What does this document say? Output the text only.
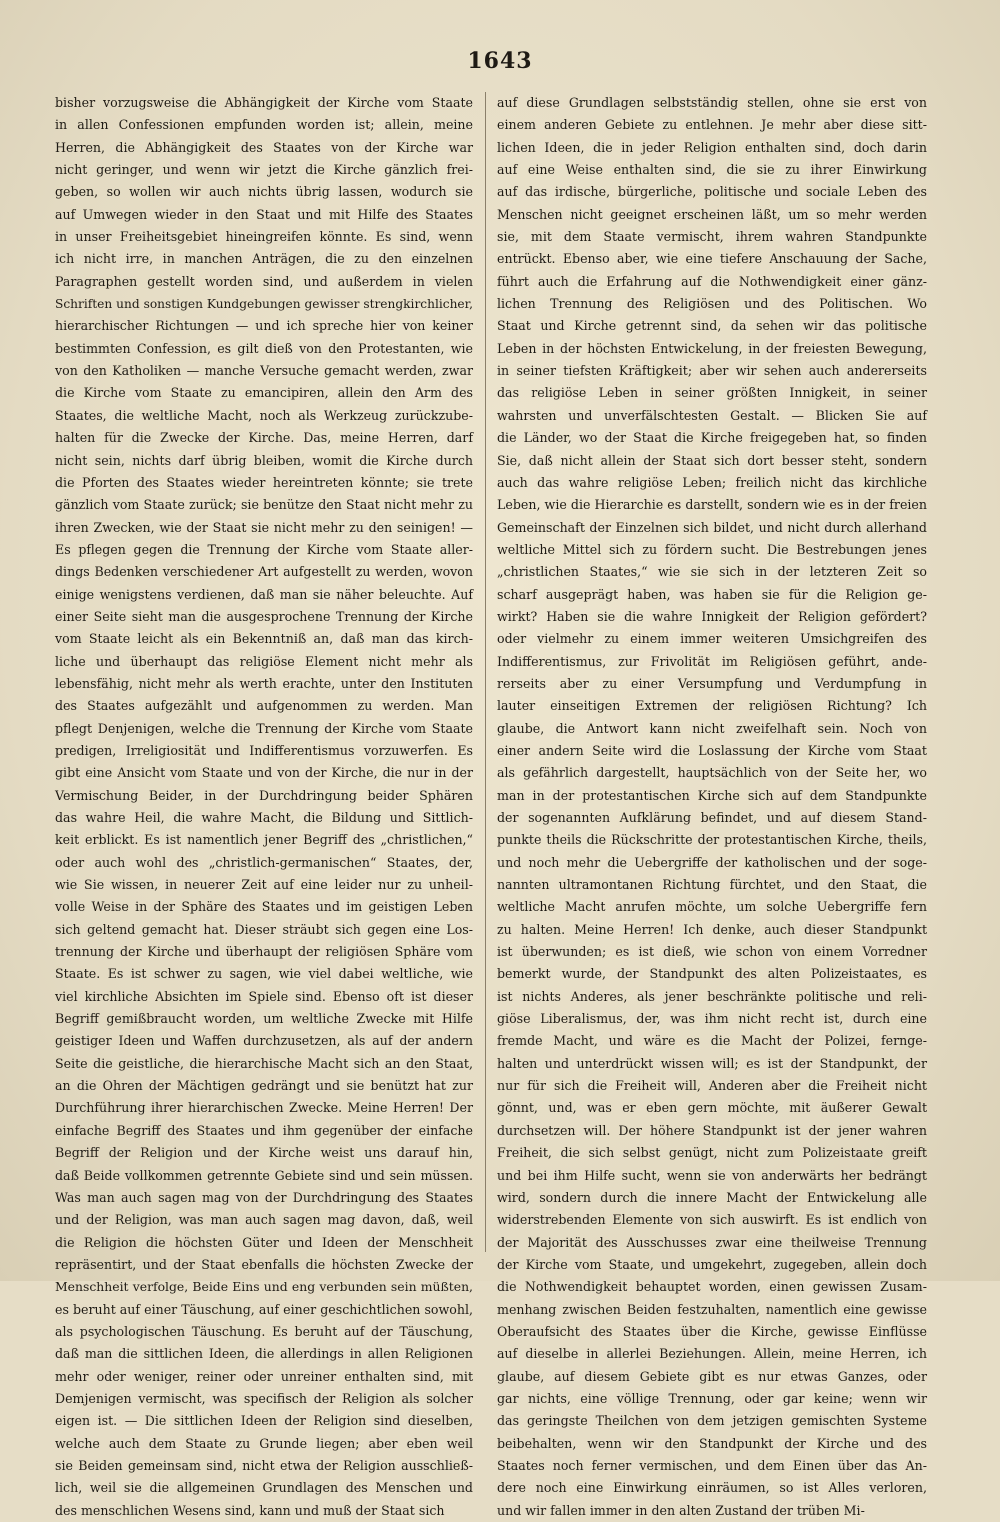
1643
bisher vorzugsweise die Abhängigkeit der Kirche vom Staate
in allen Confessionen empfunden worden ist; allein, meine
Herren, die Abhängigkeit des Staates von der Kirche war
nicht geringer, und wenn wir jetzt die Kirche gänzlich frei-
geben, so wollen wir auch nichts übrig lassen, wodurch sie
auf Umwegen wieder in den Staat und mit Hilfe des Staates
in unser Freiheitsgebiet hineingreifen könnte. Es sind, wenn
ich nicht irre, in manchen Anträgen, die zu den einzelnen
Paragraphen gestellt worden sind, und außerdem in vielen
Schriften und sonstigen Kundgebungen gewisser strengkirchlicher,
hierarchischer Richtungen — und ich spreche hier von keiner
bestimmten Confession, es gilt dieß von den Protestanten, wie
von den Katholiken — manche Versuche gemacht werden, zwar
die Kirche vom Staate zu emancipiren, allein den Arm des
Staates, die weltliche Macht, noch als Werkzeug zurückzube-
halten für die Zwecke der Kirche. Das, meine Herren, darf
nicht sein, nichts darf übrig bleiben, womit die Kirche durch
die Pforten des Staates wieder hereintreten könnte; sie trete
gänzlich vom Staate zurück; sie benütze den Staat nicht mehr zu
ihren Zwecken, wie der Staat sie nicht mehr zu den seinigen! —
Es pflegen gegen die Trennung der Kirche vom Staate aller-
dings Bedenken verschiedener Art aufgestellt zu werden, wovon
einige wenigstens verdienen, daß man sie näher beleuchte. Auf
einer Seite sieht man die ausgesprochene Trennung der Kirche
vom Staate leicht als ein Bekenntniß an, daß man das kirch-
liche und überhaupt das religiöse Element nicht mehr als
lebensfähig, nicht mehr als werth erachte, unter den Instituten
des Staates aufgezählt und aufgenommen zu werden. Man
pflegt Denjenigen, welche die Trennung der Kirche vom Staate
predigen, Irreligiosität und Indifferentismus vorzuwerfen. Es
gibt eine Ansicht vom Staate und von der Kirche, die nur in der
Vermischung Beider, in der Durchdringung beider Sphären
das wahre Heil, die wahre Macht, die Bildung und Sittlich-
keit erblickt. Es ist namentlich jener Begriff des „christlichen,“
oder auch wohl des „christlich-germanischen“ Staates, der,
wie Sie wissen, in neuerer Zeit auf eine leider nur zu unheil-
volle Weise in der Sphäre des Staates und im geistigen Leben
sich geltend gemacht hat. Dieser sträubt sich gegen eine Los-
trennung der Kirche und überhaupt der religiösen Sphäre vom
Staate. Es ist schwer zu sagen, wie viel dabei weltliche, wie
viel kirchliche Absichten im Spiele sind. Ebenso oft ist dieser
Begriff gemißbraucht worden, um weltliche Zwecke mit Hilfe
geistiger Ideen und Waffen durchzusetzen, als auf der andern
Seite die geistliche, die hierarchische Macht sich an den Staat,
an die Ohren der Mächtigen gedrängt und sie benützt hat zur
Durchführung ihrer hierarchischen Zwecke. Meine Herren! Der
einfache Begriff des Staates und ihm gegenüber der einfache
Begriff der Religion und der Kirche weist uns darauf hin,
daß Beide vollkommen getrennte Gebiete sind und sein müssen.
Was man auch sagen mag von der Durchdringung des Staates
und der Religion, was man auch sagen mag davon, daß, weil
die Religion die höchsten Güter und Ideen der Menschheit
repräsentirt, und der Staat ebenfalls die höchsten Zwecke der
Menschheit verfolge, Beide Eins und eng verbunden sein müßten,
es beruht auf einer Täuschung, auf einer geschichtlichen sowohl,
als psychologischen Täuschung. Es beruht auf der Täuschung,
daß man die sittlichen Ideen, die allerdings in allen Religionen
mehr oder weniger, reiner oder unreiner enthalten sind, mit
Demjenigen vermischt, was specifisch der Religion als solcher
eigen ist. — Die sittlichen Ideen der Religion sind dieselben,
welche auch dem Staate zu Grunde liegen; aber eben weil
sie Beiden gemeinsam sind, nicht etwa der Religion ausschließ-
lich, weil sie die allgemeinen Grundlagen des Menschen und
des menschlichen Wesens sind, kann und muß der Staat sich
auf diese Grundlagen selbstständig stellen, ohne sie erst von
einem anderen Gebiete zu entlehnen. Je mehr aber diese sitt-
lichen Ideen, die in jeder Religion enthalten sind, doch darin
auf eine Weise enthalten sind, die sie zu ihrer Einwirkung
auf das irdische, bürgerliche, politische und sociale Leben des
Menschen nicht geeignet erscheinen läßt, um so mehr werden
sie, mit dem Staate vermischt, ihrem wahren Standpunkte
entrückt. Ebenso aber, wie eine tiefere Anschauung der Sache,
führt auch die Erfahrung auf die Nothwendigkeit einer gänz-
lichen Trennung des Religiösen und des Politischen. Wo
Staat und Kirche getrennt sind, da sehen wir das politische
Leben in der höchsten Entwickelung, in der freiesten Bewegung,
in seiner tiefsten Kräftigkeit; aber wir sehen auch andererseits
das religiöse Leben in seiner größten Innigkeit, in seiner
wahrsten und unverfälschtesten Gestalt. — Blicken Sie auf
die Länder, wo der Staat die Kirche freigegeben hat, so finden
Sie, daß nicht allein der Staat sich dort besser steht, sondern
auch das wahre religiöse Leben; freilich nicht das kirchliche
Leben, wie die Hierarchie es darstellt, sondern wie es in der freien
Gemeinschaft der Einzelnen sich bildet, und nicht durch allerhand
weltliche Mittel sich zu fördern sucht. Die Bestrebungen jenes
„christlichen Staates,“ wie sie sich in der letzteren Zeit so
scharf ausgeprägt haben, was haben sie für die Religion ge-
wirkt? Haben sie die wahre Innigkeit der Religion gefördert?
oder vielmehr zu einem immer weiteren Umsichgreifen des
Indifferentismus, zur Frivolität im Religiösen geführt, ande-
rerseits aber zu einer Versumpfung und Verdumpfung in
lauter einseitigen Extremen der religiösen Richtung? Ich
glaube, die Antwort kann nicht zweifelhaft sein. Noch von
einer andern Seite wird die Loslassung der Kirche vom Staat
als gefährlich dargestellt, hauptsächlich von der Seite her, wo
man in der protestantischen Kirche sich auf dem Standpunkte
der sogenannten Aufklärung befindet, und auf diesem Stand-
punkte theils die Rückschritte der protestantischen Kirche, theils,
und noch mehr die Uebergriffe der katholischen und der soge-
nannten ultramontanen Richtung fürchtet, und den Staat, die
weltliche Macht anrufen möchte, um solche Uebergriffe fern
zu halten. Meine Herren! Ich denke, auch dieser Standpunkt
ist überwunden; es ist dieß, wie schon von einem Vorredner
bemerkt wurde, der Standpunkt des alten Polizeistaates, es
ist nichts Anderes, als jener beschränkte politische und reli-
giöse Liberalismus, der, was ihm nicht recht ist, durch eine
fremde Macht, und wäre es die Macht der Polizei, fernge-
halten und unterdrückt wissen will; es ist der Standpunkt, der
nur für sich die Freiheit will, Anderen aber die Freiheit nicht
gönnt, und, was er eben gern möchte, mit äußerer Gewalt
durchsetzen will. Der höhere Standpunkt ist der jener wahren
Freiheit, die sich selbst genügt, nicht zum Polizeistaate greift
und bei ihm Hilfe sucht, wenn sie von anderwärts her bedrängt
wird, sondern durch die innere Macht der Entwickelung alle
widerstrebenden Elemente von sich auswirft. Es ist endlich von
der Majorität des Ausschusses zwar eine theilweise Trennung
der Kirche vom Staate, und umgekehrt, zugegeben, allein doch
die Nothwendigkeit behauptet worden, einen gewissen Zusam-
menhang zwischen Beiden festzuhalten, namentlich eine gewisse
Oberaufsicht des Staates über die Kirche, gewisse Einflüsse
auf dieselbe in allerlei Beziehungen. Allein, meine Herren, ich
glaube, auf diesem Gebiete gibt es nur etwas Ganzes, oder
gar nichts, eine völlige Trennung, oder gar keine; wenn wir
das geringste Theilchen von dem jetzigen gemischten Systeme
beibehalten, wenn wir den Standpunkt der Kirche und des
Staates noch ferner vermischen, und dem Einen über das An-
dere noch eine Einwirkung einräumen, so ist Alles verloren,
und wir fallen immer in den alten Zustand der trüben Mi-
